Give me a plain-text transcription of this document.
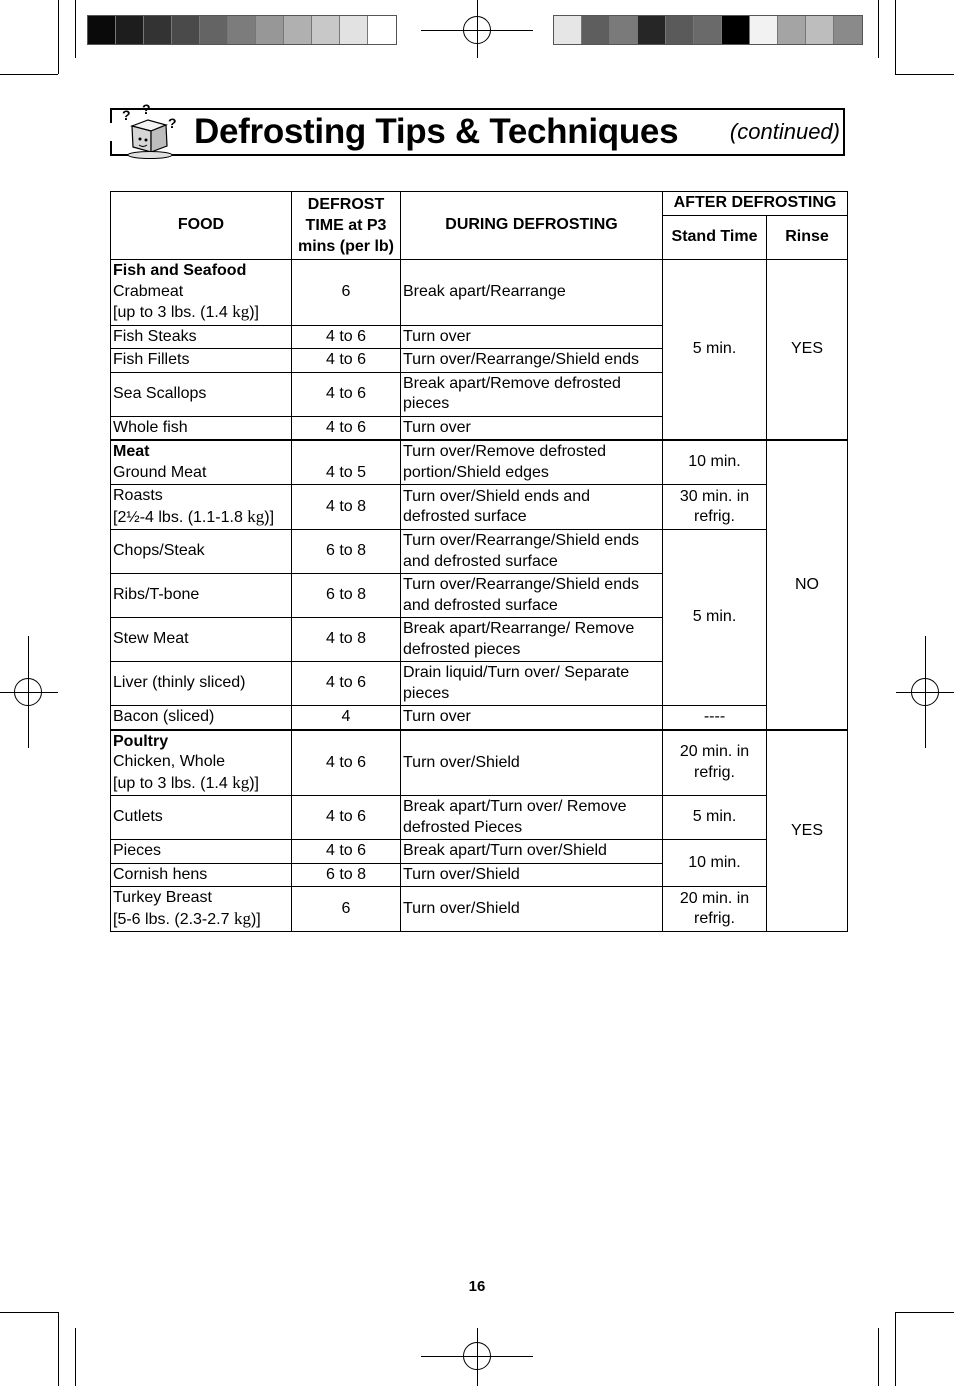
? ?
? Defrosting Tips & Techniques (continued)
FOOD	DEFROST TIME at P3 mins (per lb)	DURING DEFROSTING	AFTER DEFROSTING	
			Stand Time	Rinse

Fish and Seafood
Crabmeat
[up to 3 lbs. (1.4 kg)]	6	Break apart/Rearrange	5 min.	YES
Fish Steaks	4 to 6	Turn over		
Fish Fillets	4 to 6	Turn over/Rearrange/Shield ends		
Sea Scallops	4 to 6	Break apart/Remove defrosted pieces		
Whole fish	4 to 6	Turn over		

Meat
Ground Meat	4 to 5	Turn over/Remove defrosted portion/Shield edges	10 min.	NO

Roasts
[2½-4 lbs. (1.1-1.8 kg)]	4 to 8	Turn over/Shield ends and defrosted surface	30 min. in refrig.	
Chops/Steak	6 to 8	Turn over/Rearrange/Shield ends and defrosted surface	5 min.	
Ribs/T-bone	6 to 8	Turn over/Rearrange/Shield ends and defrosted surface		
Stew Meat	4 to 8	Break apart/Rearrange/ Remove defrosted pieces		
Liver (thinly sliced)	4 to 6	Drain liquid/Turn over/ Separate pieces		
Bacon (sliced)	4	Turn over	----	

Poultry
Chicken, Whole
[up to 3 lbs. (1.4 kg)]	4 to 6	Turn over/Shield	20 min. in refrig.	YES
Cutlets	4 to 6	Break apart/Turn over/ Remove defrosted Pieces	5 min.	
Pieces	4 to 6	Break apart/Turn over/Shield	10 min.	
Cornish hens	6 to 8	Turn over/Shield		

Turkey Breast
[5-6 lbs. (2.3-2.7 kg)]	6	Turn over/Shield	20 min. in refrig.	
16
